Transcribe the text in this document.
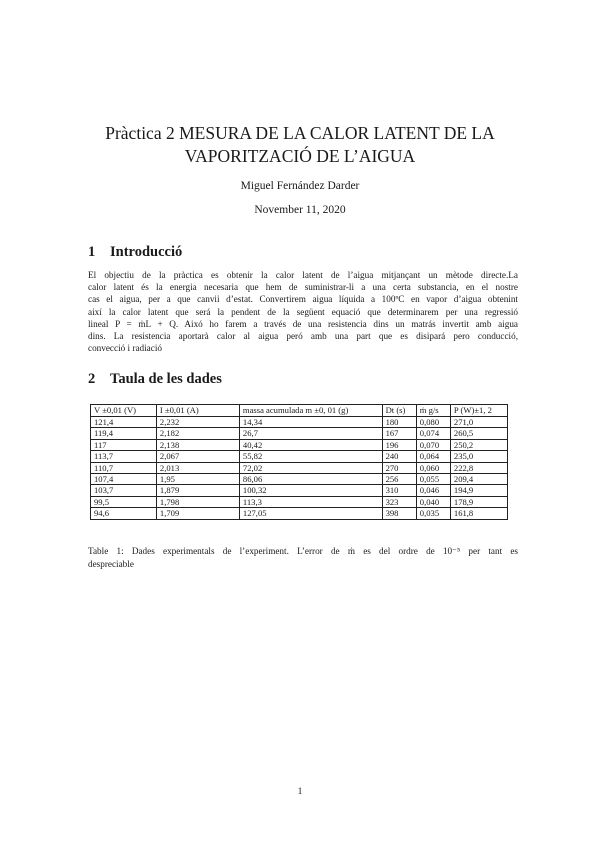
Pràctica 2 MESURA DE LA CALOR LATENT DE LA
VAPORITZACIÓ DE L’AIGUA
Miguel Fernández Darder
November 11, 2020
1 Introducció

El objectiu de la pràctica es obtenir la calor latent de l’aigua mitjançant un mètode directe.La
calor latent és la energia necesaria que hem de suministrar-li a una certa substancia, en el nostre
cas el aigua, per a que canvii d’estat. Convertirem aigua líquida a 100ºC en vapor d’aigua obtenint
així la calor latent que será la pendent de la següent equació que determinarem per una regressió
lineal P = ṁL + Q. Aixó ho farem a través de una resistencia dins un matrás invertit amb aigua
dins. La resistencia aportarà calor al aigua peró amb una part que es disipará pero conducció,
convecció i radiació

2 Taula de les dades
V ±0,01 (V)	I ±0,01 (A)	massa acumulada m ±0, 01 (g)	Dt (s)	ṁ g/s	P (W)±1, 2
121,4	2,232	14,34	180	0,080	271,0
119,4	2,182	26,7	167	0,074	260,5
117	2,138	40,42	196	0,070	250,2
113,7	2,067	55,82	240	0,064	235,0
110,7	2,013	72,02	270	0,060	222,8
107,4	1,95	86,06	256	0,055	209,4
103,7	1,879	100,32	310	0,046	194,9
99,5	1,798	113,3	323	0,040	178,9
94,6	1,709	127,05	398	0,035	161,8

Table 1: Dades experimentals de l’experiment. L’error de ṁ es del ordre de 10⁻⁵ per tant es
despreciable

1
